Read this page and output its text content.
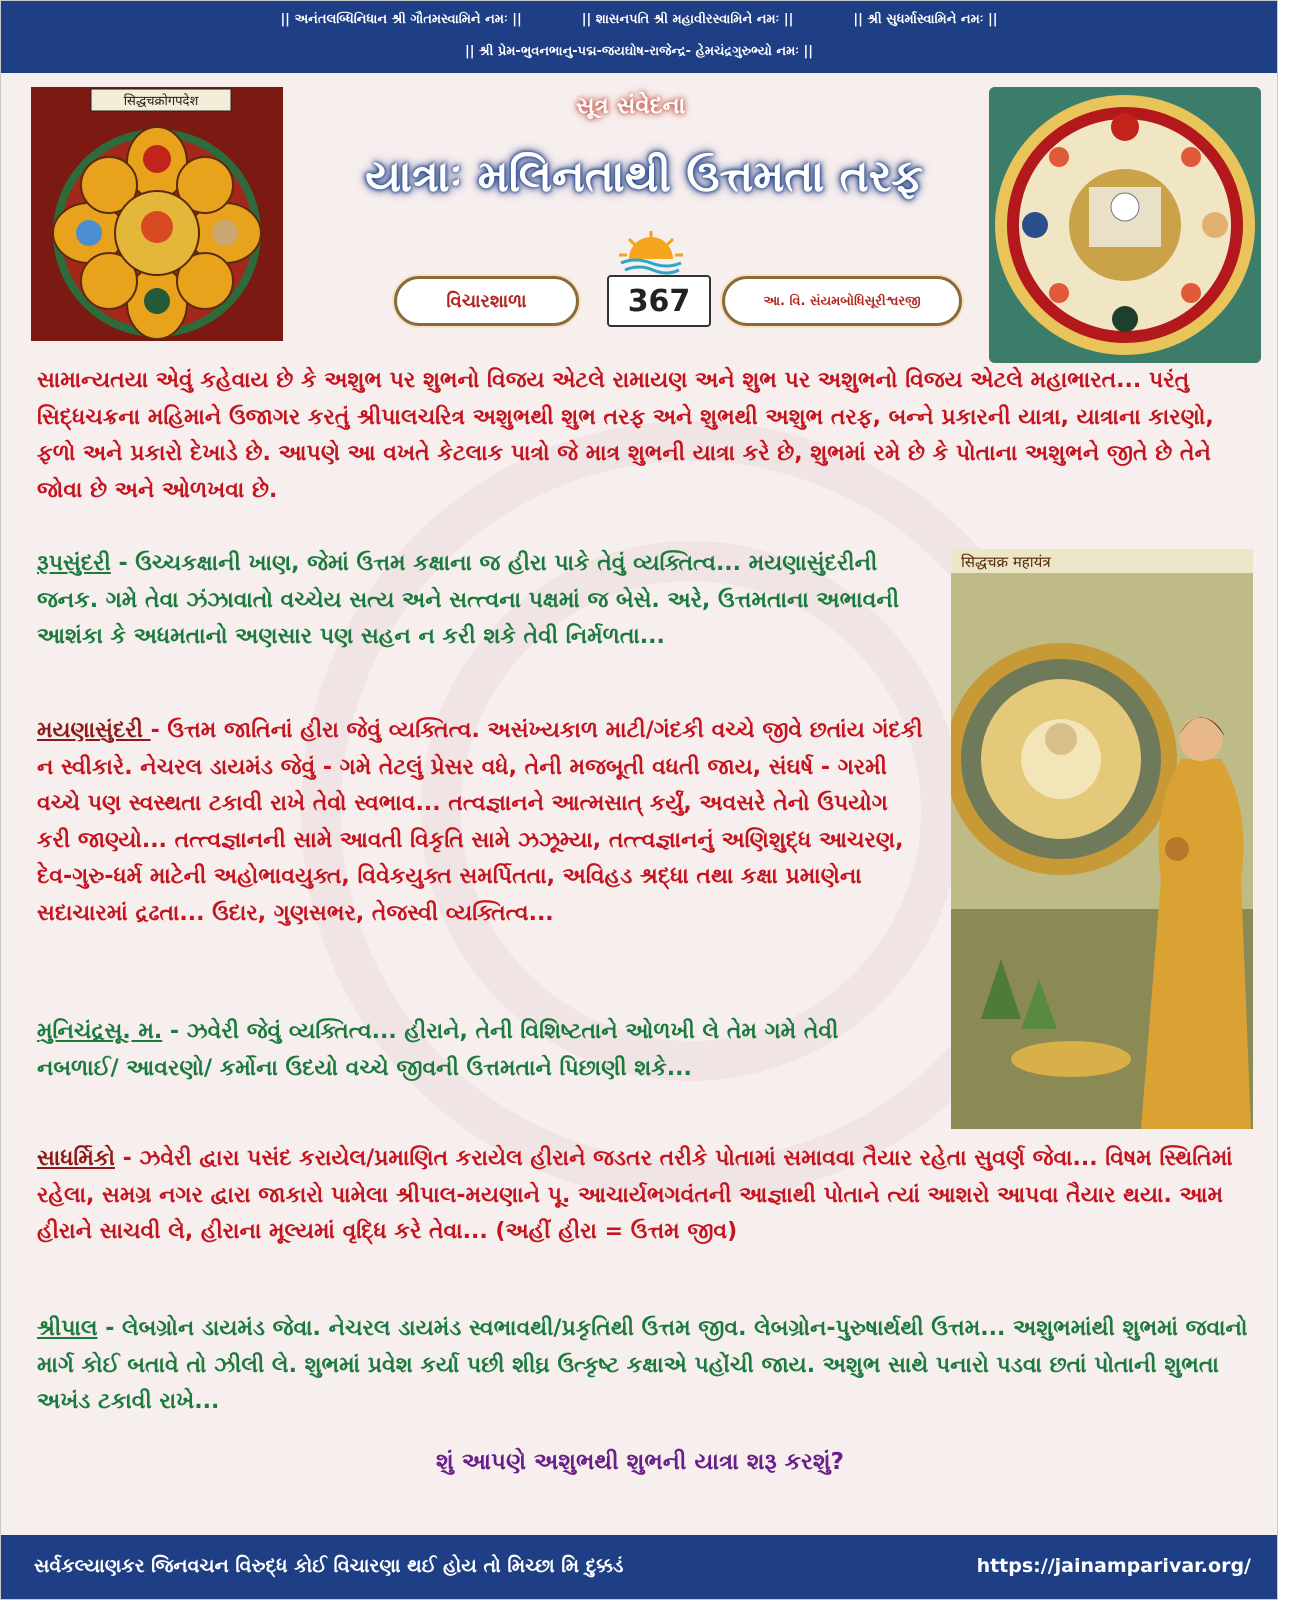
|| અનંતલબ્ધિનિધાન શ્રી ગૌતમસ્વામિને નમઃ ||	|| શાસનપતિ શ્રી મહાવીરસ્વામિને નમઃ ||	|| શ્રી સુધર્માસ્વામિને નમઃ ||
|| શ્રી પ્રેમ-ભુવનભાનુ-પદ્મ-જયઘોષ-રાજેન્દ્ર- હેમચંદ્રગુરુભ્યો નમઃ ||
सिद्धचक्रोगपदेश	સૂત્ર સંવેદના
યાત્રાઃ મલિનતાથી ઉત્તમતા તરફ
વિચારશાળા	367	આ. વિ. સંયમબોધિસૂરીશ્વરજી

સામાન્યતયા એવું કહેવાય છે કે અશુભ પર શુભનો વિજય એટલે રામાયણ અને શુભ પર અશુભનો વિજય એટલે મહાભારત... પરંતુ સિદ્ધચક્રના મહિમાને ઉજાગર કરતું શ્રીપાલચરિત્ર અશુભથી શુભ તરફ અને શુભથી અશુભ તરફ, બન્ને પ્રકારની યાત્રા, યાત્રાના કારણો, ફળો અને પ્રકારો દેખાડે છે. આપણે આ વખતે કેટલાક પાત્રો જે માત્ર શુભની યાત્રા કરે છે, શુભમાં રમે છે કે પોતાના અશુભને જીતે છે તેને જોવા છે અને ઓળખવા છે.

सिद्धचक्र महायंत्र

રૂપસુંદરી - ઉચ્ચકક્ષાની ખાણ, જેમાં ઉત્તમ કક્ષાના જ હીરા પાકે તેવું વ્યક્તિત્વ... મયણાસુંદરીની જનક. ગમે તેવા ઝંઝાવાતો વચ્ચેય સત્ય અને સત્ત્વના પક્ષમાં જ બેસે. અરે, ઉત્તમતાના અભાવની આશંકા કે અધમતાનો અણસાર પણ સહન ન કરી શકે તેવી નિર્મળતા...

મયણાસુંદરી - ઉત્તમ જાતિનાં હીરા જેવું વ્યક્તિત્વ. અસંખ્યકાળ માટી/ગંદકી વચ્ચે જીવે છતાંય ગંદકી ન સ્વીકારે. નેચરલ ડાયમંડ જેવું - ગમે તેટલું પ્રેસર વધે, તેની મજબૂતી વધતી જાય, સંઘર્ષ - ગરમી વચ્ચે પણ સ્વસ્થતા ટકાવી રાખે તેવો સ્વભાવ... તત્વજ્ઞાનને આત્મસાત્ કર્યું, અવસરે તેનો ઉપયોગ કરી જાણ્યો... તત્ત્વજ્ઞાનની સામે આવતી વિકૃતિ સામે ઝઝૂમ્યા, તત્ત્વજ્ઞાનનું અણિશુદ્ધ આચરણ, દેવ-ગુરુ-ધર્મ માટેની અહોભાવયુક્ત, વિવેકયુક્ત સમર્પિતતા, અવિહડ શ્રદ્ધા તથા કક્ષા પ્રમાણેના સદાચારમાં દ્રઢતા... ઉદાર, ગુણસભર, તેજસ્વી વ્યક્તિત્વ...

મુનિચંદ્રસૂ. મ. - ઝવેરી જેવું વ્યક્તિત્વ... હીરાને, તેની વિશિષ્ટતાને ઓળખી લે તેમ ગમે તેવી નબળાઈ/ આવરણો/ કર્મોના ઉદયો વચ્ચે જીવની ઉત્તમતાને પિછાણી શકે...

સાધર્મિકો - ઝવેરી દ્વારા પસંદ કરાયેલ/પ્રમાણિત કરાયેલ હીરાને જડતર તરીકે પોતામાં સમાવવા તૈયાર રહેતા સુવર્ણ જેવા... વિષમ સ્થિતિમાં રહેલા, સમગ્ર નગર દ્વારા જાકારો પામેલા શ્રીપાલ-મયણાને પૂ. આચાર્યભગવંતની આજ્ઞાથી પોતાને ત્યાં આશરો આપવા તૈયાર થયા. આમ હીરાને સાચવી લે, હીરાના મૂલ્યમાં વૃદ્ધિ કરે તેવા... (અહીં હીરા = ઉત્તમ જીવ)

શ્રીપાલ - લેબગ્રોન ડાયમંડ જેવા. નેચરલ ડાયમંડ સ્વભાવથી/પ્રકૃતિથી ઉત્તમ જીવ. લેબગ્રોન-પુરુષાર્થથી ઉત્તમ... અશુભમાંથી શુભમાં જવાનો માર્ગ કોઈ બતાવે તો ઝીલી લે. શુભમાં પ્રવેશ કર્યા પછી શીઘ્ર ઉત્કૃષ્ટ કક્ષાએ પહોંચી જાય. અશુભ સાથે પનારો પડવા છતાં પોતાની શુભતા અખંડ ટકાવી રાખે...

શું આપણે અશુભથી શુભની યાત્રા શરૂ કરશું?
સર્વકલ્યાણકર જિનવચન વિરુદ્ધ કોઈ વિચારણા થઈ હોય તો મિચ્છા મિ દુક્કડં	https://jainamparivar.org/
